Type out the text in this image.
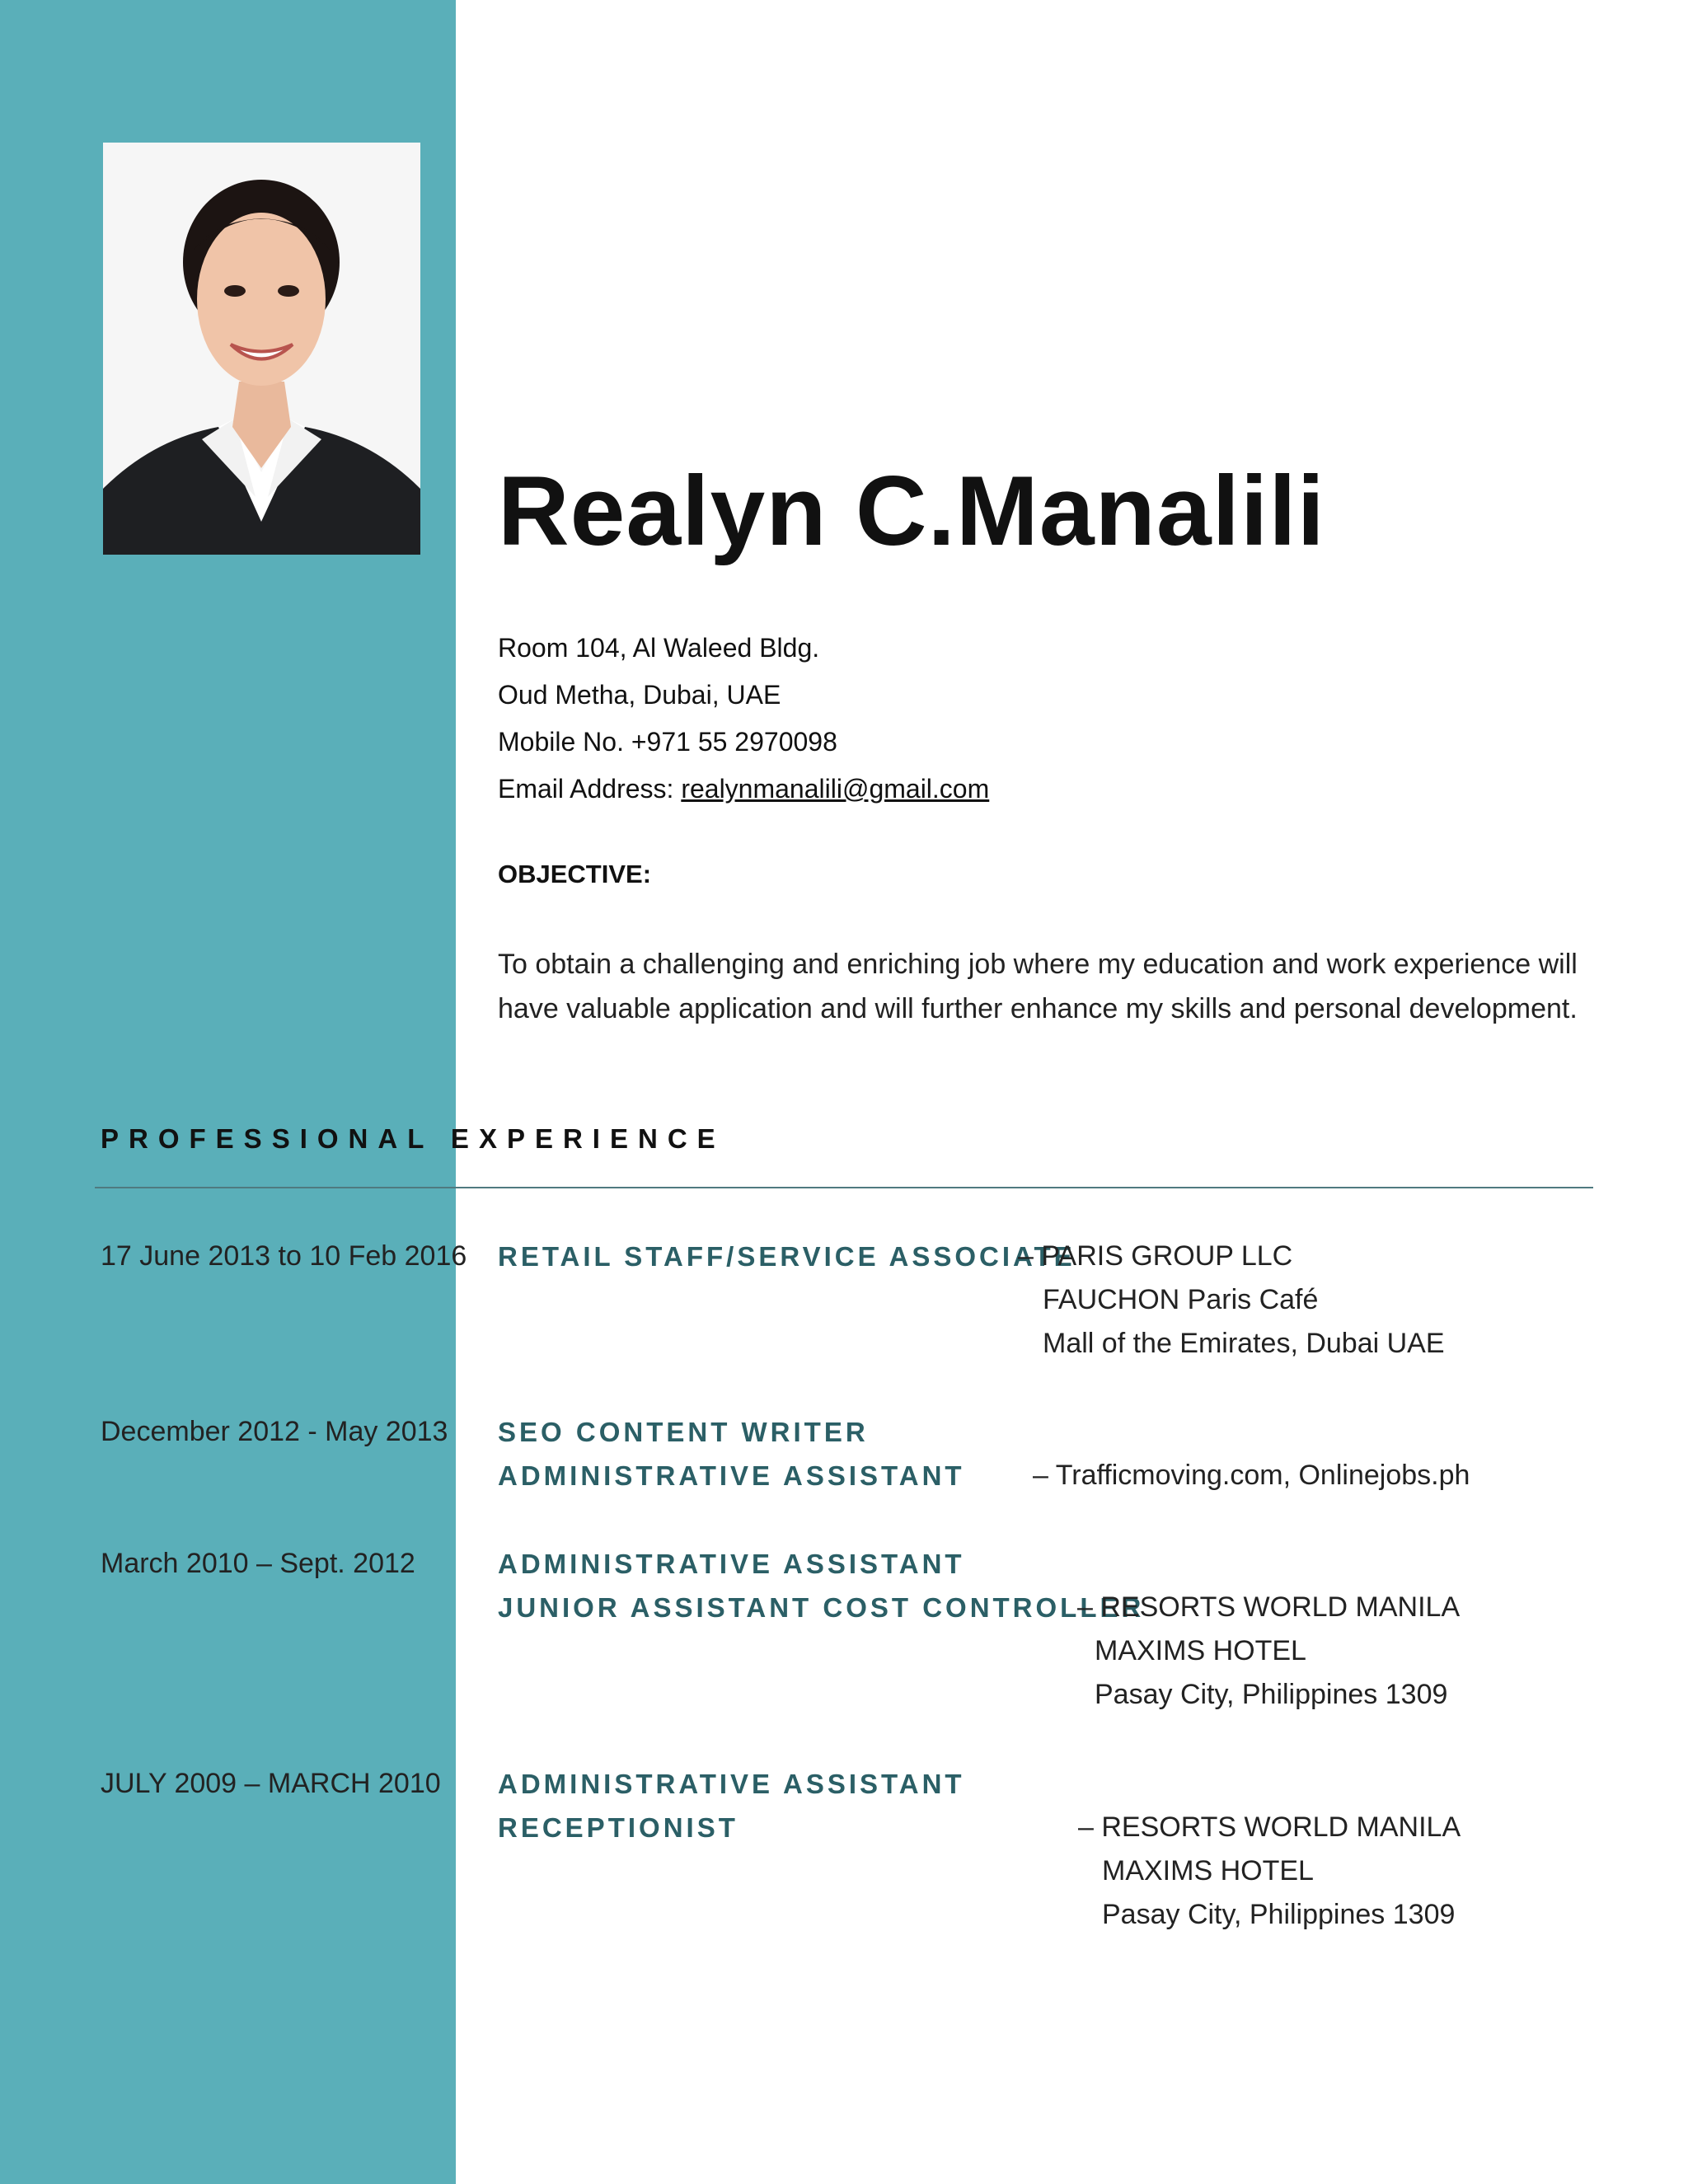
Realyn C.Manalili
Room 104, Al Waleed Bldg.
Oud Metha, Dubai, UAE
Mobile No. +971 55 2970098
Email Address: realynmanalili@gmail.com
OBJECTIVE:
To obtain a challenging and enriching job where my education and work experience will have valuable application and will further enhance my skills and personal development.
PROFESSIONAL EXPERIENCE
17 June 2013 to 10 Feb 2016 RETAIL STAFF/SERVICE ASSOCIATE
– PARIS GROUP LLC
FAUCHON Paris Café
Mall of the Emirates, Dubai UAE
December 2012 - May 2013 SEO CONTENT WRITER
ADMINISTRATIVE ASSISTANT – Trafficmoving.com, Onlinejobs.ph
March 2010 – Sept. 2012	ADMINISTRATIVE ASSISTANT
JUNIOR ASSISTANT COST CONTROLLER
– RESORTS WORLD MANILA
MAXIMS HOTEL
Pasay City, Philippines 1309
JULY 2009 – MARCH 2010 ADMINISTRATIVE ASSISTANT
RECEPTIONIST	– RESORTS WORLD MANILA
MAXIMS HOTEL
Pasay City, Philippines 1309
